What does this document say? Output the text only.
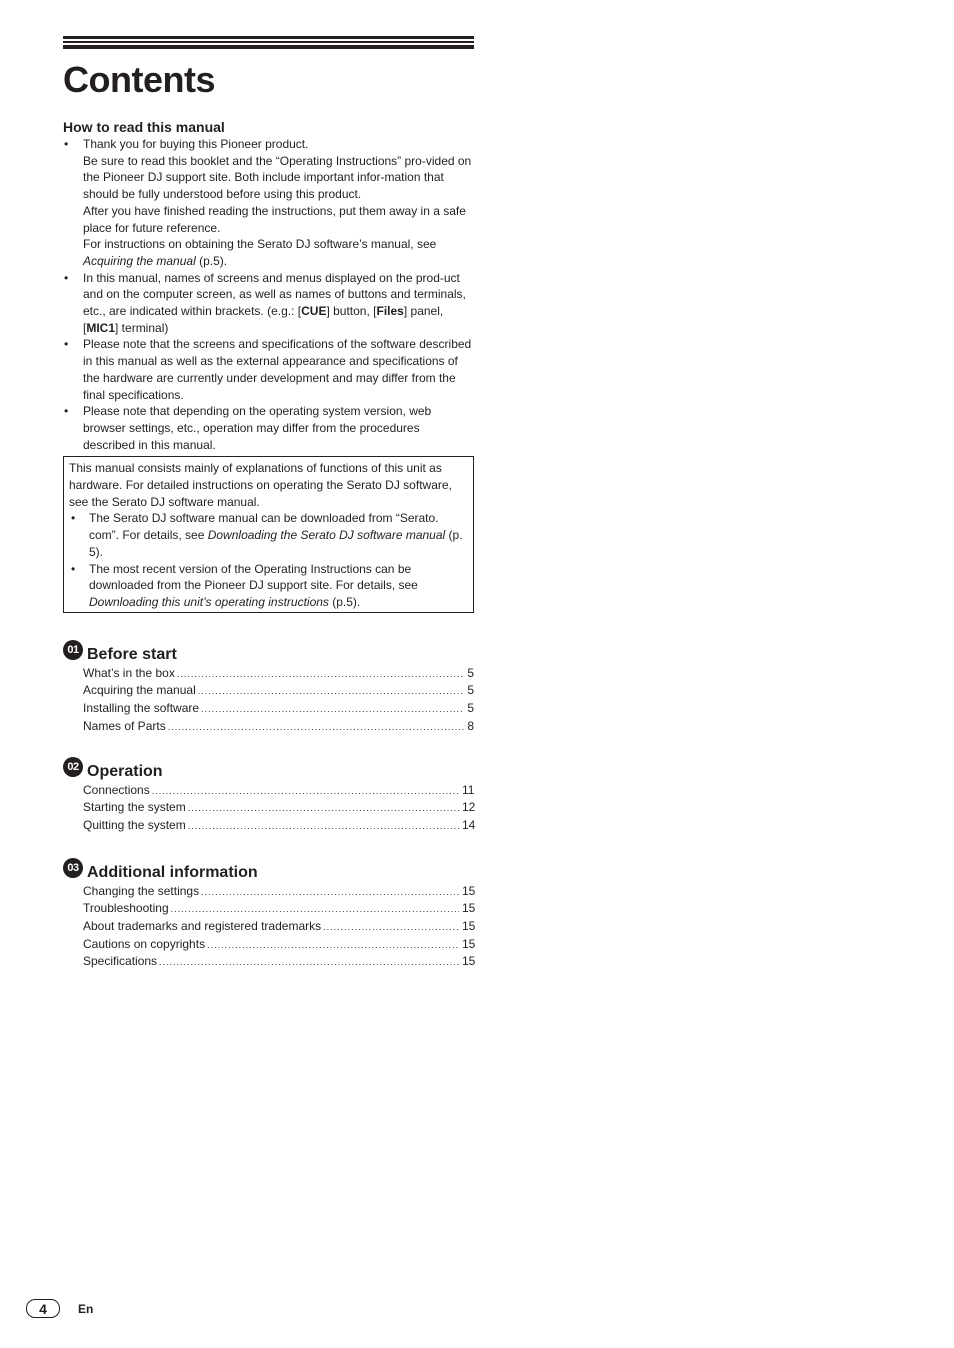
Contents
How to read this manual
• Thank you for buying this Pioneer product.
Be sure to read this booklet and the “Operating Instructions” pro-vided on the Pioneer DJ support site. Both include important infor-mation that should be fully understood before using this product.
After you have finished reading the instructions, put them away in a safe place for future reference.
For instructions on obtaining the Serato DJ software’s manual, see Acquiring the manual (p.5).
• In this manual, names of screens and menus displayed on the prod-uct and on the computer screen, as well as names of buttons and terminals, etc., are indicated within brackets. (e.g.: [CUE] button, [Files] panel, [MIC1] terminal)
• Please note that the screens and specifications of the software described in this manual as well as the external appearance and specifications of the hardware are currently under development and may differ from the final specifications.
• Please note that depending on the operating system version, web browser settings, etc., operation may differ from the procedures described in this manual.
This manual consists mainly of explanations of functions of this unit as hardware. For detailed instructions on operating the Serato DJ software, see the Serato DJ software manual.
• The Serato DJ software manual can be downloaded from “Serato. com”. For details, see Downloading the Serato DJ software manual (p. 5).
• The most recent version of the Operating Instructions can be downloaded from the Pioneer DJ support site. For details, see Downloading this unit’s operating instructions (p.5).
01 Before start
What’s in the box .....	5
Acquiring the manual .....	5
Installing the software .....	5
Names of Parts .....	8
02 Operation
Connections .....	11
Starting the system .....	12
Quitting the system .....	14
03 Additional information
Changing the settings .....	15
Troubleshooting .....	15
About trademarks and registered trademarks .....	15
Cautions on copyrights .....	15
Specifications .....	15
4	En
